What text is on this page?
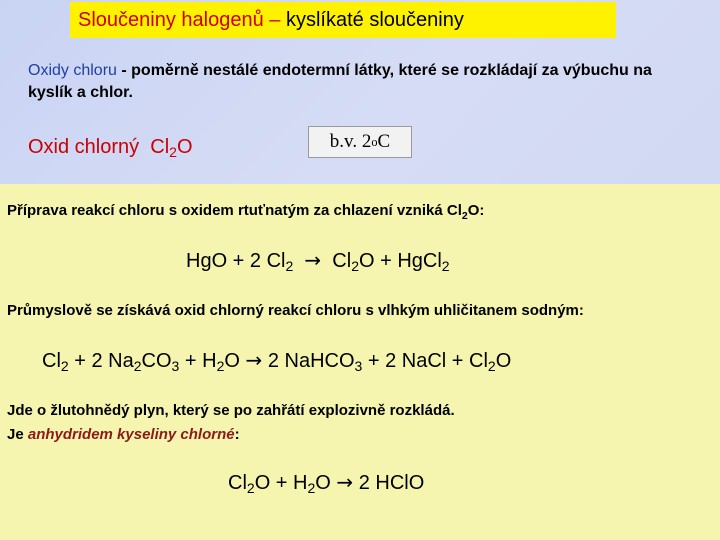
Sloučeniny halogenů – kyslíkaté sloučeniny
Oxidy chloru - poměrně nestálé endotermní látky, které se rozkládají za výbuchu na kyslík a chlor.
Oxid chlorný $Cl_2O$	b.v. 2 o C
Příprava reakcí chloru s oxidem rtuťnatým za chlazení vzniká $Cl_2O$:
HgO + 2 $Cl_2 \to Cl_2O$ + HgCl$_2$
Průmyslově se získává oxid chlorný reakcí chloru s vlhkým uhličitanem sodným:
$Cl_2 + 2$ $Na_2CO_3 + H_2O \to 2$ NaHCO$_3$ + 2 NaCl + $Cl_2O$
Jde o žlutohnědý plyn, který se po zahřátí explozivně rozkládá.
Je anhydridem kyseliny chlorné:
$Cl_2O + H_2O \to 2$ HClO
